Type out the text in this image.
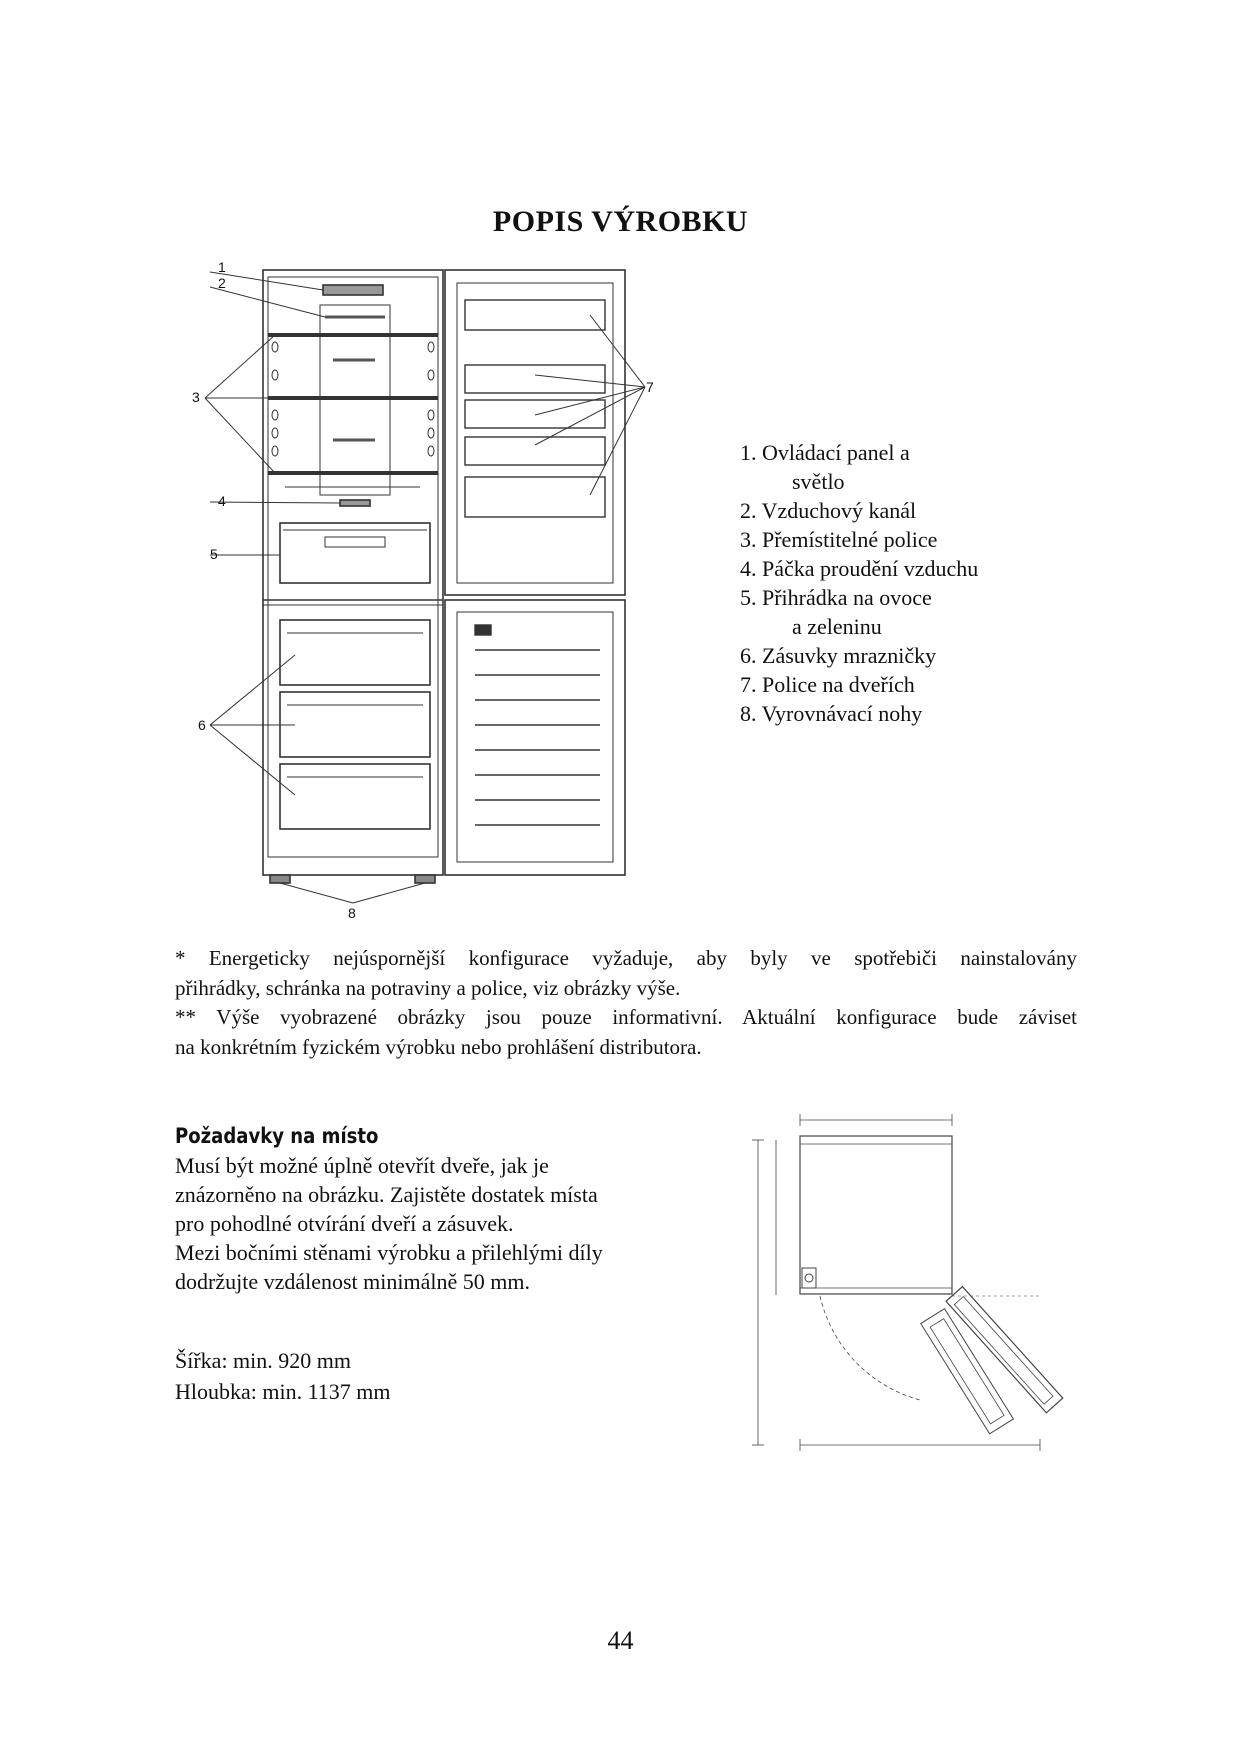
POPIS VÝROBKU
1
2
3
4
5
6
7
8
1. Ovládací panel a
světlo
2. Vzduchový kanál
3. Přemístitelné police
4. Páčka proudění vzduchu
5. Přihrádka na ovoce
a zeleninu
6. Zásuvky mrazničky
7. Police na dveřích
8. Vyrovnávací nohy

* Energeticky nejúspornější konfigurace vyžaduje, aby byly ve spotřebiči nainstalovány

přihrádky, schránka na potraviny a police, viz obrázky výše.

** Výše vyobrazené obrázky jsou pouze informativní. Aktuální konfigurace bude záviset

na konkrétním fyzickém výrobku nebo prohlášení distributora.

Požadavky na místo

Musí být možné úplně otevřít dveře, jak je

znázorněno na obrázku. Zajistěte dostatek místa

pro pohodlné otvírání dveří a zásuvek.

Mezi bočními stěnami výrobku a přilehlými díly

dodržujte vzdálenost minimálně 50 mm.

Šířka: min. 920 mm

Hloubka: min. 1137 mm

44
